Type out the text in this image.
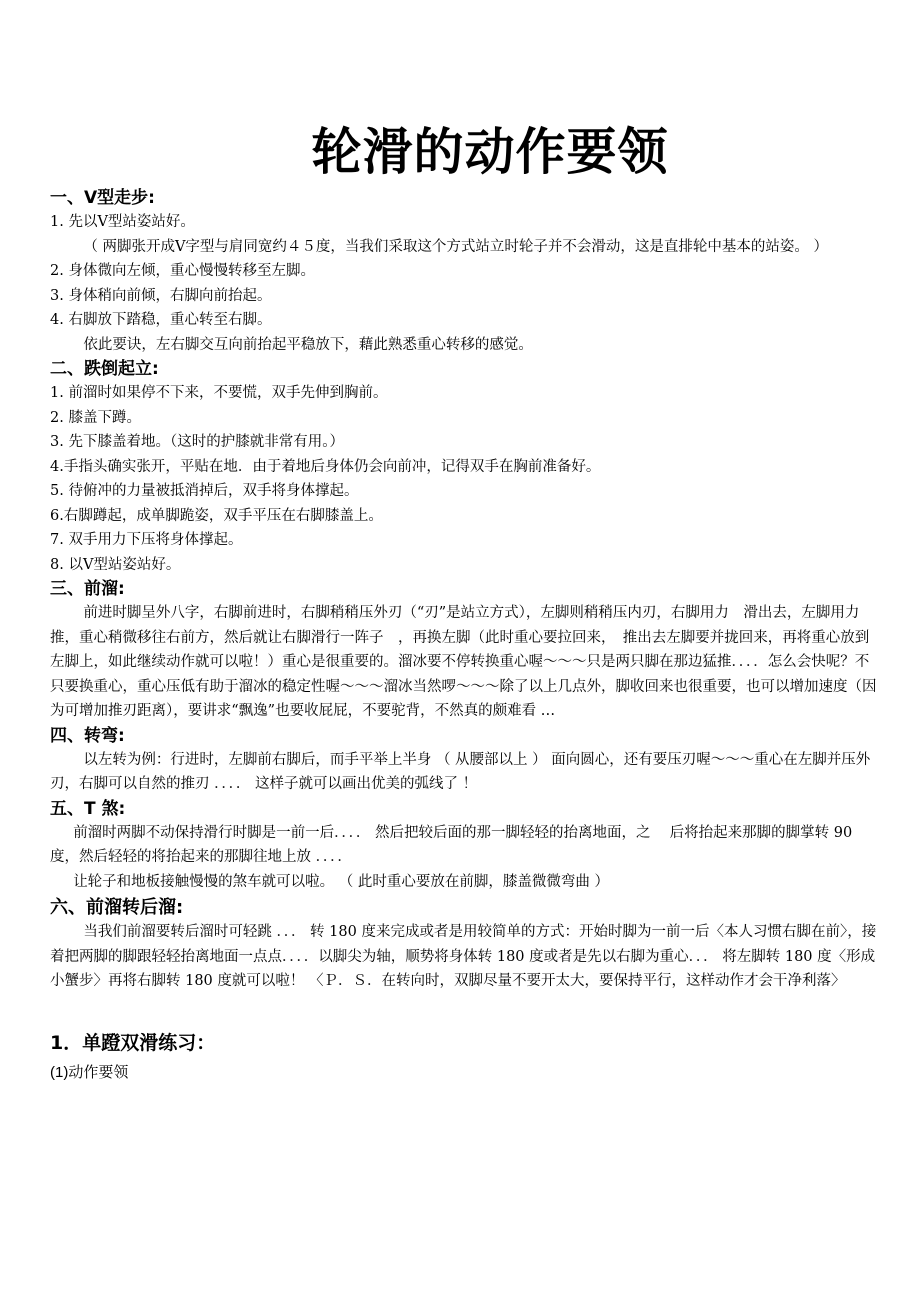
轮滑的动作要领

一、V型走步:

1. 先以V型站姿站好。

（ 两脚张开成V字型与肩同宽约４５度，当我们采取这个方式站立时轮子并不会滑动，这是直排轮中基本的站姿。 ）

2. 身体微向左倾，重心慢慢转移至左脚。

3. 身体稍向前倾，右脚向前抬起。

4. 右脚放下踏稳，重心转至右脚。

依此要诀，左右脚交互向前抬起平稳放下，藉此熟悉重心转移的感觉。

二、跌倒起立:

1. 前溜时如果停不下来，不要慌，双手先伸到胸前。

2. 膝盖下蹲。

3. 先下膝盖着地。（这时的护膝就非常有用。）

4.手指头确实张开，平贴在地．由于着地后身体仍会向前冲，记得双手在胸前准备好。

5. 待俯冲的力量被抵消掉后，双手将身体撑起。

6.右脚蹲起，成单脚跪姿，双手平压在右脚膝盖上。

7. 双手用力下压将身体撑起。

8. 以V型站姿站好。

三、前溜:

前进时脚呈外八字，右脚前进时，右脚稍稍压外刃（“刃”是站立方式），左脚则稍稍压内刃，右脚用力　滑出去，左脚用力推，重心稍微移往右前方，然后就让右脚滑行一阵子　，再换左脚（此时重心要拉回来，　推出去左脚要并拢回来，再将重心放到左脚上，如此继续动作就可以啦！）重心是很重要的。溜冰要不停转换重心喔～～～只是两只脚在那边猛推．．．．怎么会快呢？不只要换重心，重心压低有助于溜冰的稳定性喔～～～溜冰当然啰～～～除了以上几点外，脚收回来也很重要，也可以增加速度（因为可增加推刃距离），要讲求“飘逸”也要收屁屁，不要驼背，不然真的颇难看 …

四、转弯:

以左转为例：行进时，左脚前右脚后，而手平举上半身 （ 从腰部以上 ） 面向圆心，还有要压刃喔～～～重心在左脚并压外刃，右脚可以自然的推刃 ．．．． 这样子就可以画出优美的弧线了 ！

五、T 煞:

前溜时两脚不动保持滑行时脚是一前一后．．．． 然后把较后面的那一脚轻轻的抬离地面，之　 后将抬起来那脚的脚掌转 90 度，然后轻轻的将抬起来的那脚往地上放 ．．．．

让轮子和地板接触慢慢的煞车就可以啦。 （ 此时重心要放在前脚，膝盖微微弯曲 ）

六、前溜转后溜:

当我们前溜要转后溜时可轻跳 ．．． 转 180 度来完成或者是用较简单的方式：开始时脚为一前一后〈本人习惯右脚在前〉，接着把两脚的脚跟轻轻抬离地面一点点．．．．以脚尖为轴，顺势将身体转 180 度或者是先以右脚为重心．．． 将左脚转 180 度〈形成小蟹步〉再将右脚转 180 度就可以啦！ 〈Ｐ．Ｓ．在转向时，双脚尽量不要开太大，要保持平行，这样动作才会干净利落〉

1．单蹬双滑练习：

(1)动作要领
